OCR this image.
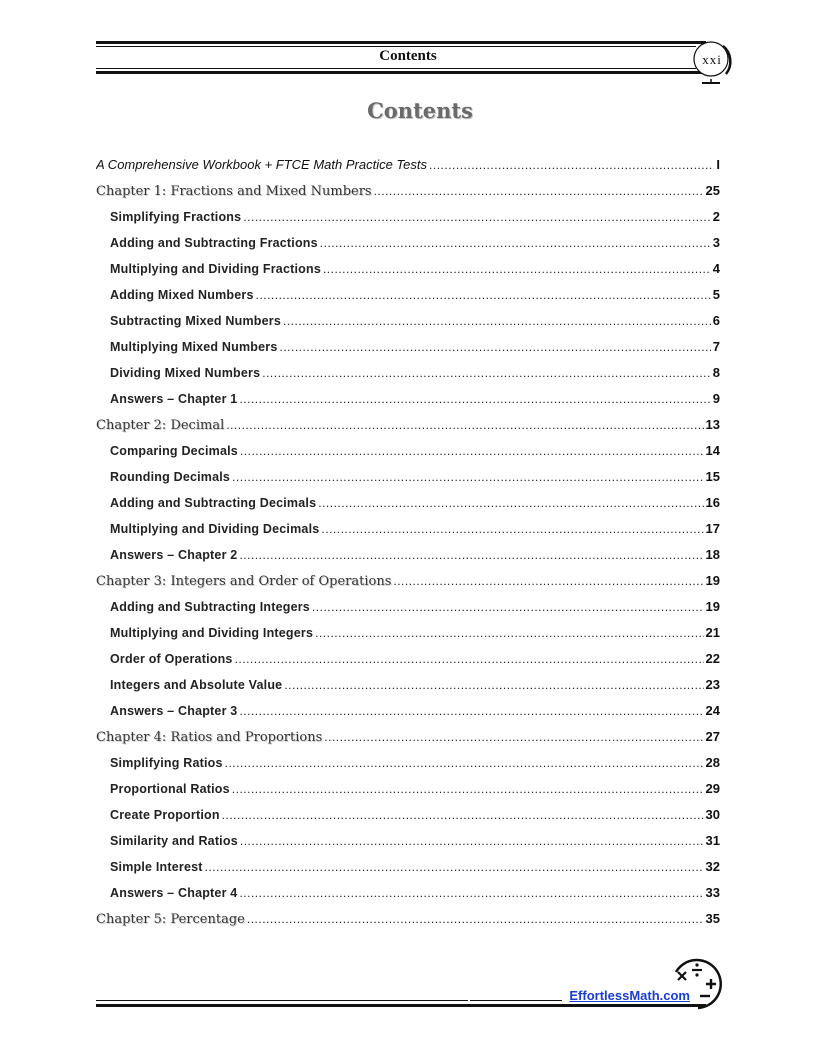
Contents	xxi
Contents
A Comprehensive Workbook + FTCE Math Practice Tests .....	I
Chapter 1: Fractions and Mixed Numbers .....	25
Simplifying Fractions .....	2
Adding and Subtracting Fractions .....	3
Multiplying and Dividing Fractions .....	4
Adding Mixed Numbers .....	5
Subtracting Mixed Numbers .....	6
Multiplying Mixed Numbers .....	7
Dividing Mixed Numbers .....	8
Answers – Chapter 1 .....	9
Chapter 2: Decimal .....	13
Comparing Decimals .....	14
Rounding Decimals .....	15
Adding and Subtracting Decimals .....	16
Multiplying and Dividing Decimals .....	17
Answers – Chapter 2 .....	18
Chapter 3: Integers and Order of Operations .....	19
Adding and Subtracting Integers .....	19
Multiplying and Dividing Integers .....	21
Order of Operations .....	22
Integers and Absolute Value .....	23
Answers – Chapter 3 .....	24
Chapter 4: Ratios and Proportions .....	27
Simplifying Ratios .....	28
Proportional Ratios .....	29
Create Proportion .....	30
Similarity and Ratios .....	31
Simple Interest .....	32
Answers – Chapter 4 .....	33
Chapter 5: Percentage .....	35
EffortlessMath.com
